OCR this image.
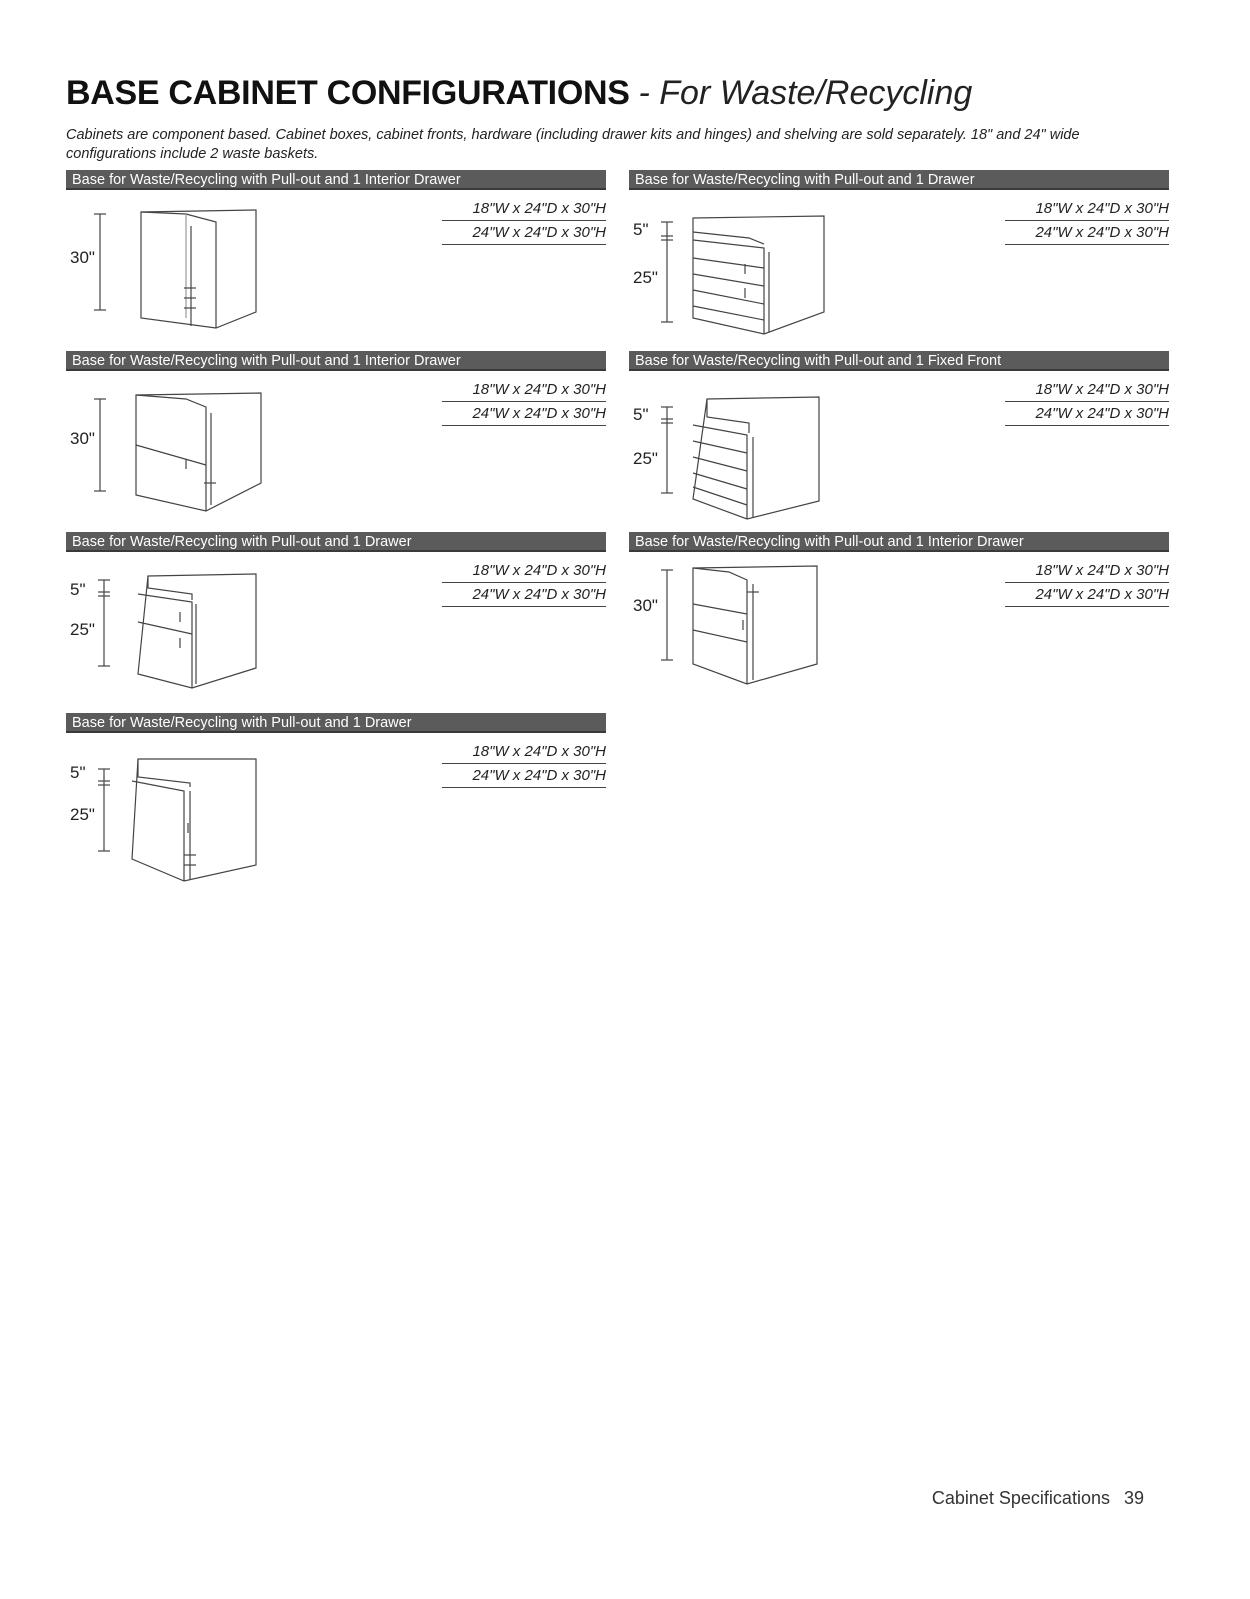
BASE CABINET CONFIGURATIONS - For Waste/Recycling

Cabinets are component based. Cabinet boxes, cabinet fronts, hardware (including drawer kits and hinges) and shelving are sold separately. 18" and 24" wide configurations include 2 waste baskets.

Base for Waste/Recycling with Pull-out and 1 Interior Drawer
30"
18"W x 24"D x 30"H
24"W x 24"D x 30"H
Base for Waste/Recycling with Pull-out and 1 Drawer
5"
25"
18"W x 24"D x 30"H
24"W x 24"D x 30"H
Base for Waste/Recycling with Pull-out and 1 Interior Drawer
30"
18"W x 24"D x 30"H
24"W x 24"D x 30"H
Base for Waste/Recycling with Pull-out and 1 Fixed Front
5"
25"
18"W x 24"D x 30"H
24"W x 24"D x 30"H
Base for Waste/Recycling with Pull-out and 1 Drawer
5"
25"
18"W x 24"D x 30"H
24"W x 24"D x 30"H
Base for Waste/Recycling with Pull-out and 1 Interior Drawer
30"
18"W x 24"D x 30"H
24"W x 24"D x 30"H
Base for Waste/Recycling with Pull-out and 1 Drawer
5"
25"
18"W x 24"D x 30"H
24"W x 24"D x 30"H
Cabinet Specifications 39
